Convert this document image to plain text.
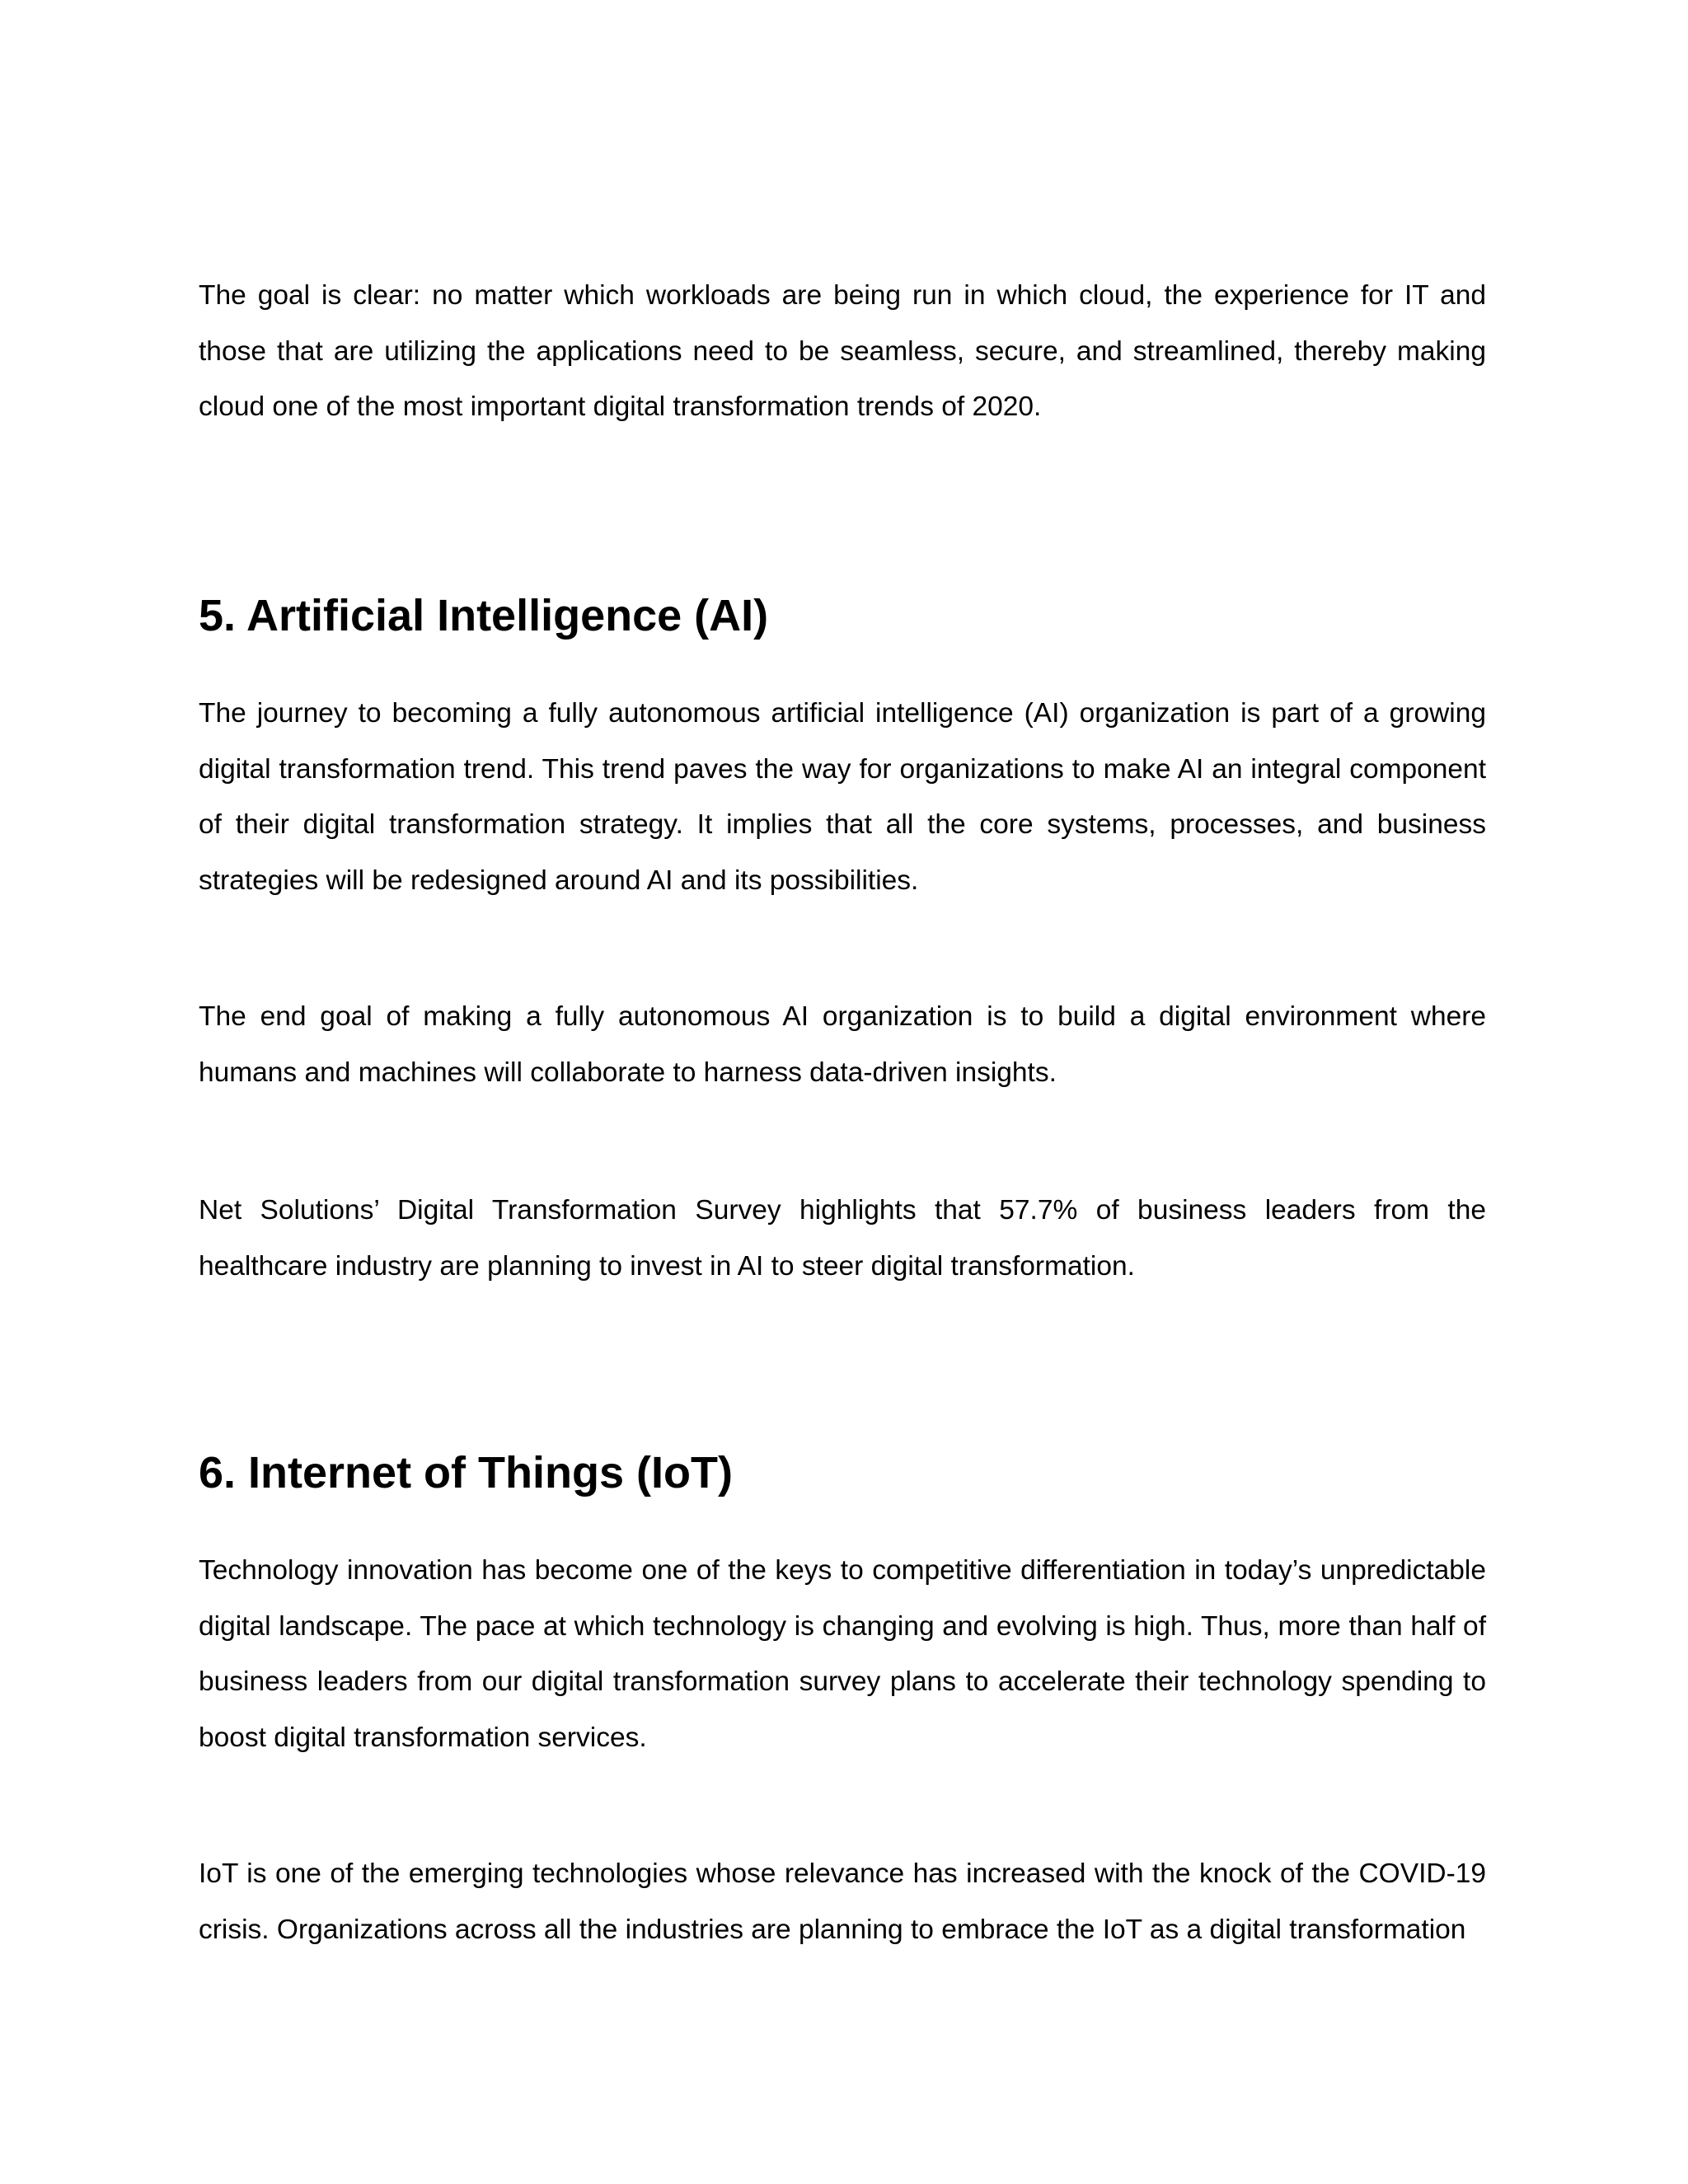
The goal is clear: no matter which workloads are being run in which cloud, the experience for IT and those that are utilizing the applications need to be seamless, secure, and streamlined, thereby making cloud one of the most important digital transformation trends of 2020.

5. Artificial Intelligence (AI)

The journey to becoming a fully autonomous artificial intelligence (AI) organization is part of a growing digital transformation trend. This trend paves the way for organizations to make AI an integral component of their digital transformation strategy. It implies that all the core systems, processes, and business strategies will be redesigned around AI and its possibilities.

The end goal of making a fully autonomous AI organization is to build a digital environment where humans and machines will collaborate to harness data-driven insights.

Net Solutions’ Digital Transformation Survey highlights that 57.7% of business leaders from the healthcare industry are planning to invest in AI to steer digital transformation.

6. Internet of Things (IoT)

Technology innovation has become one of the keys to competitive differentiation in today’s unpredictable digital landscape. The pace at which technology is changing and evolving is high. Thus, more than half of business leaders from our digital transformation survey plans to accelerate their technology spending to boost digital transformation services.

IoT is one of the emerging technologies whose relevance has increased with the knock of the COVID-19 crisis. Organizations across all the industries are planning to embrace the IoT as a digital transformation
